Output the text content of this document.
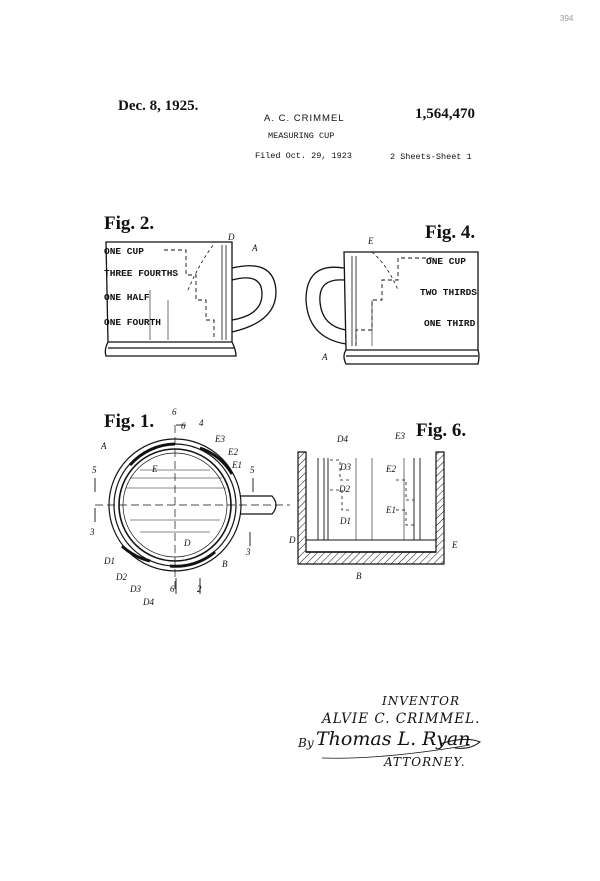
Dec. 8, 1925.	1,564,470
A. C. CRIMMEL
MEASURING CUP
Filed Oct. 29, 1923	2 Sheets-Sheet 1
394
Fig. 2.	Fig. 4.
Fig. 1.	Fig. 6.
D
A
ONE CUP
THREE FOURTHS
ONE HALF
ONE FOURTH
E
A
ONE CUP
TWO THIRDS
ONE THIRD
6
6 4
E3
E2
E1
A
E
5	5
3
3
D
D1
D2
D3
D4
6	2
B
D4	E3
D3	E2
D2
D1
E1
D	E
B
INVENTOR
ALVIE C. CRIMMEL.
By Thomas L. Ryan
ATTORNEY.
